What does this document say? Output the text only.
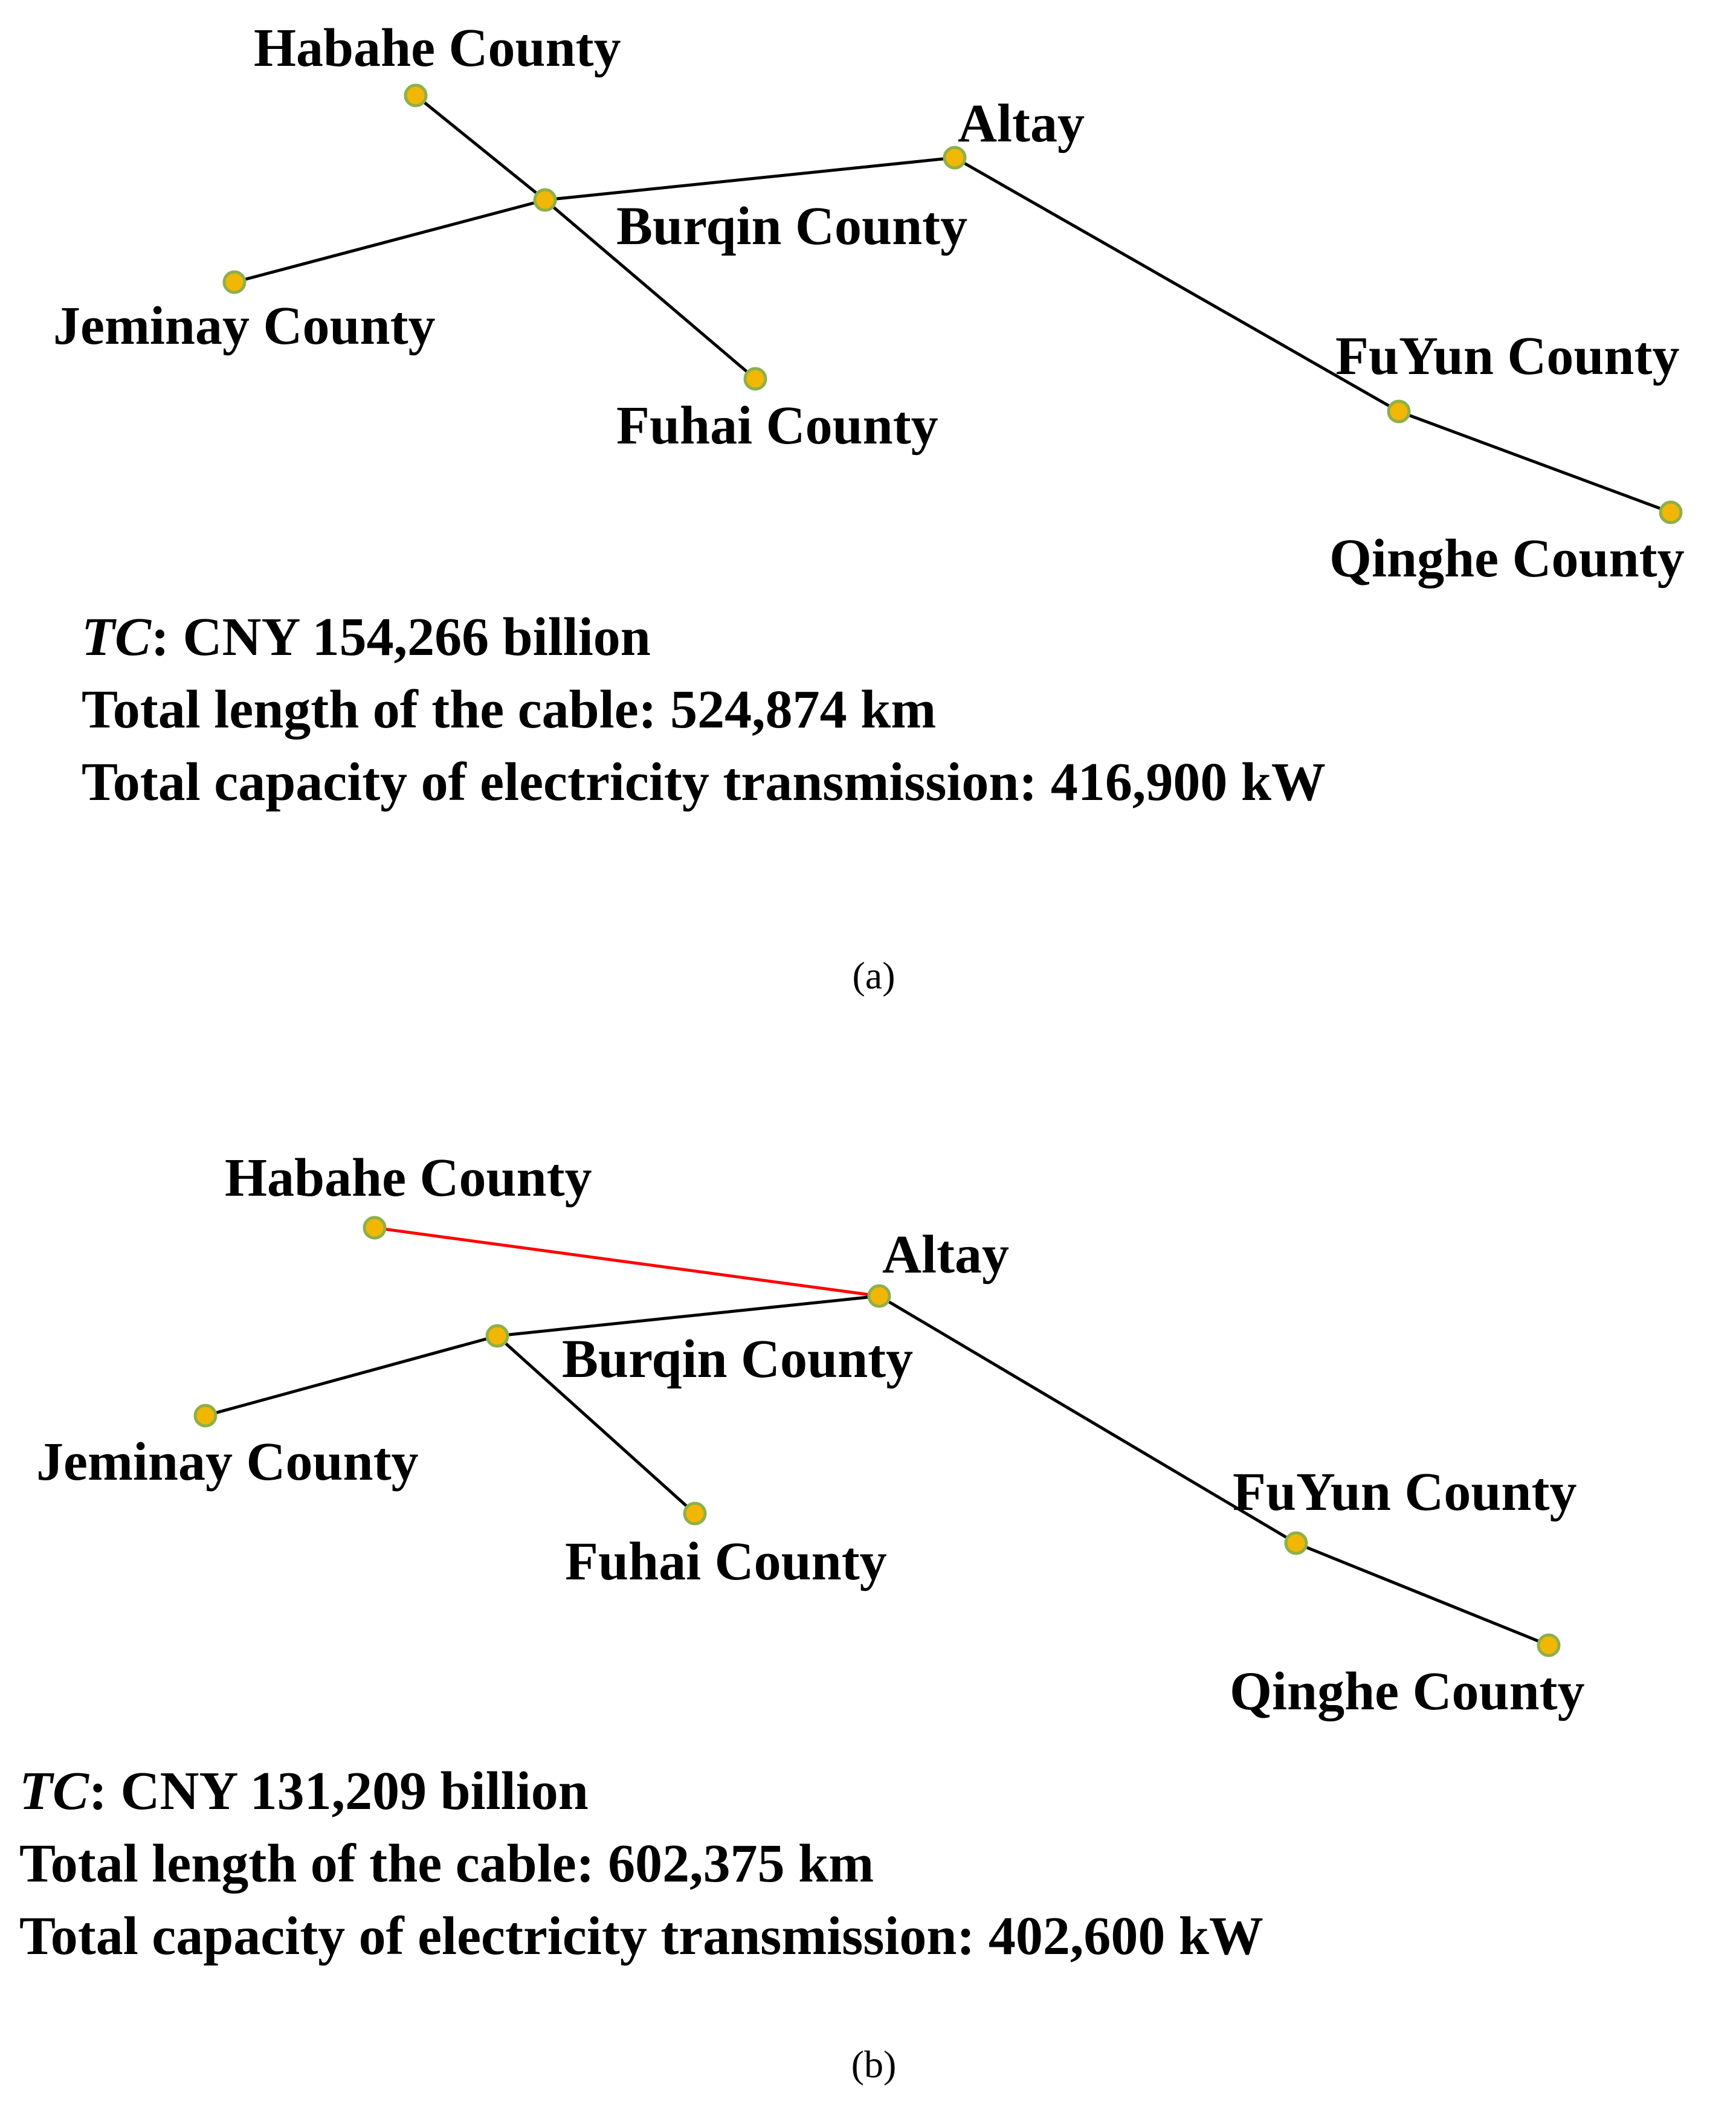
Habahe County
Altay
Burqin County
Jeminay County
Fuhai County
FuYun County
Qinghe County
TC: CNY 154,266 billion
Total length of the cable: 524,874 km
Total capacity of electricity transmission: 416,900 kW
(a)
Habahe County
Altay
Burqin County
Jeminay County
Fuhai County
FuYun County
Qinghe County
TC: CNY 131,209 billion
Total length of the cable: 602,375 km
Total capacity of electricity transmission: 402,600 kW
(b)
